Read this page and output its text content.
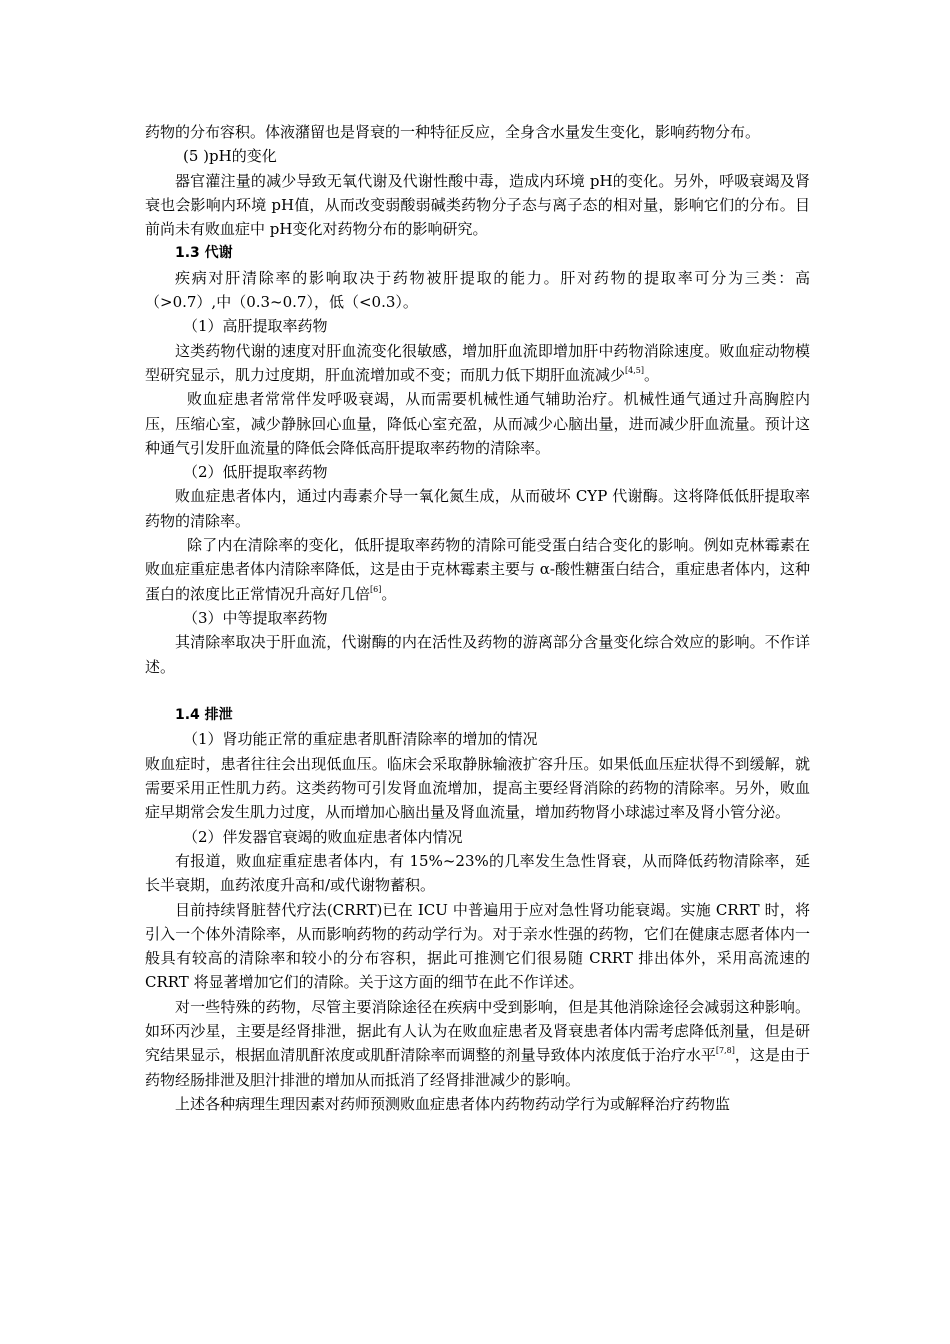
药物的分布容积。体液潴留也是肾衰的一种特征反应，全身含水量发生变化，影响药物分布。

(5 )pH的变化

器官灌注量的减少导致无氧代谢及代谢性酸中毒，造成内环境 pH的变化。另外，呼吸衰竭及肾衰也会影响内环境 pH值，从而改变弱酸弱碱类药物分子态与离子态的相对量，影响它们的分布。目前尚未有败血症中 pH变化对药物分布的影响研究。

1.3 代谢

疾病对肝清除率的影响取决于药物被肝提取的能力。肝对药物的提取率可分为三类：高（>0.7）,中（0.3~0.7），低（<0.3）。

（1）高肝提取率药物

这类药物代谢的速度对肝血流变化很敏感，增加肝血流即增加肝中药物消除速度。败血症动物模型研究显示，肌力过度期，肝血流增加或不变；而肌力低下期肝血流减少[4,5]。

败血症患者常常伴发呼吸衰竭，从而需要机械性通气辅助治疗。机械性通气通过升高胸腔内压，压缩心室，减少静脉回心血量，降低心室充盈，从而减少心脑出量，进而减少肝血流量。预计这种通气引发肝血流量的降低会降低高肝提取率药物的清除率。

（2）低肝提取率药物

败血症患者体内，通过内毒素介导一氧化氮生成，从而破坏 CYP 代谢酶。这将降低低肝提取率药物的清除率。

除了内在清除率的变化，低肝提取率药物的清除可能受蛋白结合变化的影响。例如克林霉素在败血症重症患者体内清除率降低，这是由于克林霉素主要与 α-酸性糖蛋白结合，重症患者体内，这种蛋白的浓度比正常情况升高好几倍[6]。

（3）中等提取率药物

其清除率取决于肝血流，代谢酶的内在活性及药物的游离部分含量变化综合效应的影响。不作详述。

1.4 排泄

（1）肾功能正常的重症患者肌酐清除率的增加的情况

败血症时，患者往往会出现低血压。临床会采取静脉输液扩容升压。如果低血压症状得不到缓解，就需要采用正性肌力药。这类药物可引发肾血流增加，提高主要经肾消除的药物的清除率。另外，败血症早期常会发生肌力过度，从而增加心脑出量及肾血流量，增加药物肾小球滤过率及肾小管分泌。

（2）伴发器官衰竭的败血症患者体内情况

有报道，败血症重症患者体内，有 15%~23%的几率发生急性肾衰，从而降低药物清除率，延长半衰期，血药浓度升高和/或代谢物蓄积。

目前持续肾脏替代疗法(CRRT)已在 ICU 中普遍用于应对急性肾功能衰竭。实施 CRRT 时，将引入一个体外清除率，从而影响药物的药动学行为。对于亲水性强的药物，它们在健康志愿者体内一般具有较高的清除率和较小的分布容积，据此可推测它们很易随 CRRT 排出体外，采用高流速的 CRRT 将显著增加它们的清除。关于这方面的细节在此不作详述。

对一些特殊的药物，尽管主要消除途径在疾病中受到影响，但是其他消除途径会减弱这种影响。如环丙沙星，主要是经肾排泄，据此有人认为在败血症患者及肾衰患者体内需考虑降低剂量，但是研究结果显示，根据血清肌酐浓度或肌酐清除率而调整的剂量导致体内浓度低于治疗水平[7,8]，这是由于药物经肠排泄及胆汁排泄的增加从而抵消了经肾排泄减少的影响。

上述各种病理生理因素对药师预测败血症患者体内药物药动学行为或解释治疗药物监
